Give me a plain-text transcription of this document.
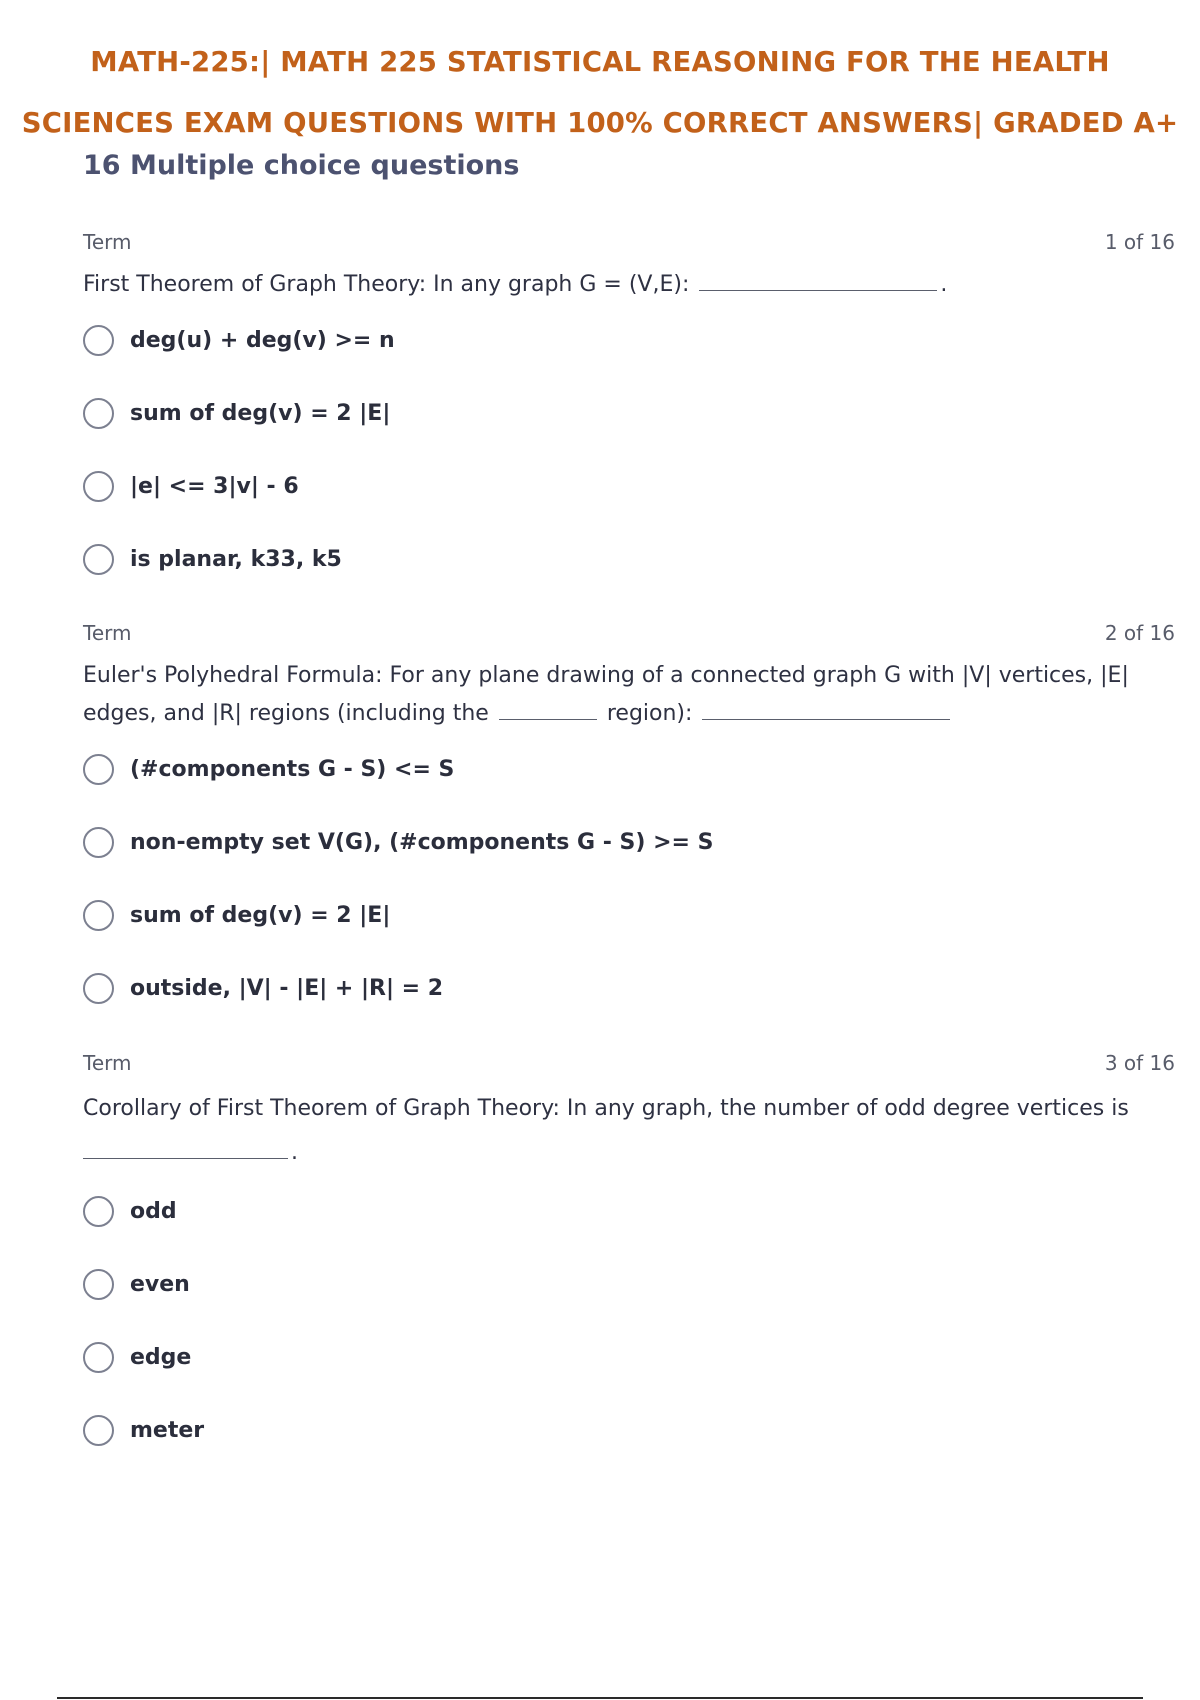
MATH-225:| MATH 225 STATISTICAL REASONING FOR THE HEALTH
SCIENCES EXAM QUESTIONS WITH 100% CORRECT ANSWERS| GRADED A+
16 Multiple choice questions
Term	1 of 16
First Theorem of Graph Theory: In any graph G = (V,E):	.
deg(u) + deg(v) >= n
sum of deg(v) = 2 |E|
|e| <= 3|v| - 6
is planar, k33, k5
Term	2 of 16
Euler's Polyhedral Formula: For any plane drawing of a connected graph G with |V| vertices, |E| edges, and |R| regions (including the	region):
(#components G - S) <= S
non-empty set V(G), (#components G - S) >= S
sum of deg(v) = 2 |E|
outside, |V| - |E| + |R| = 2
Term	3 of 16
Corollary of First Theorem of Graph Theory: In any graph, the number of odd degree vertices is .
odd
even
edge
meter
